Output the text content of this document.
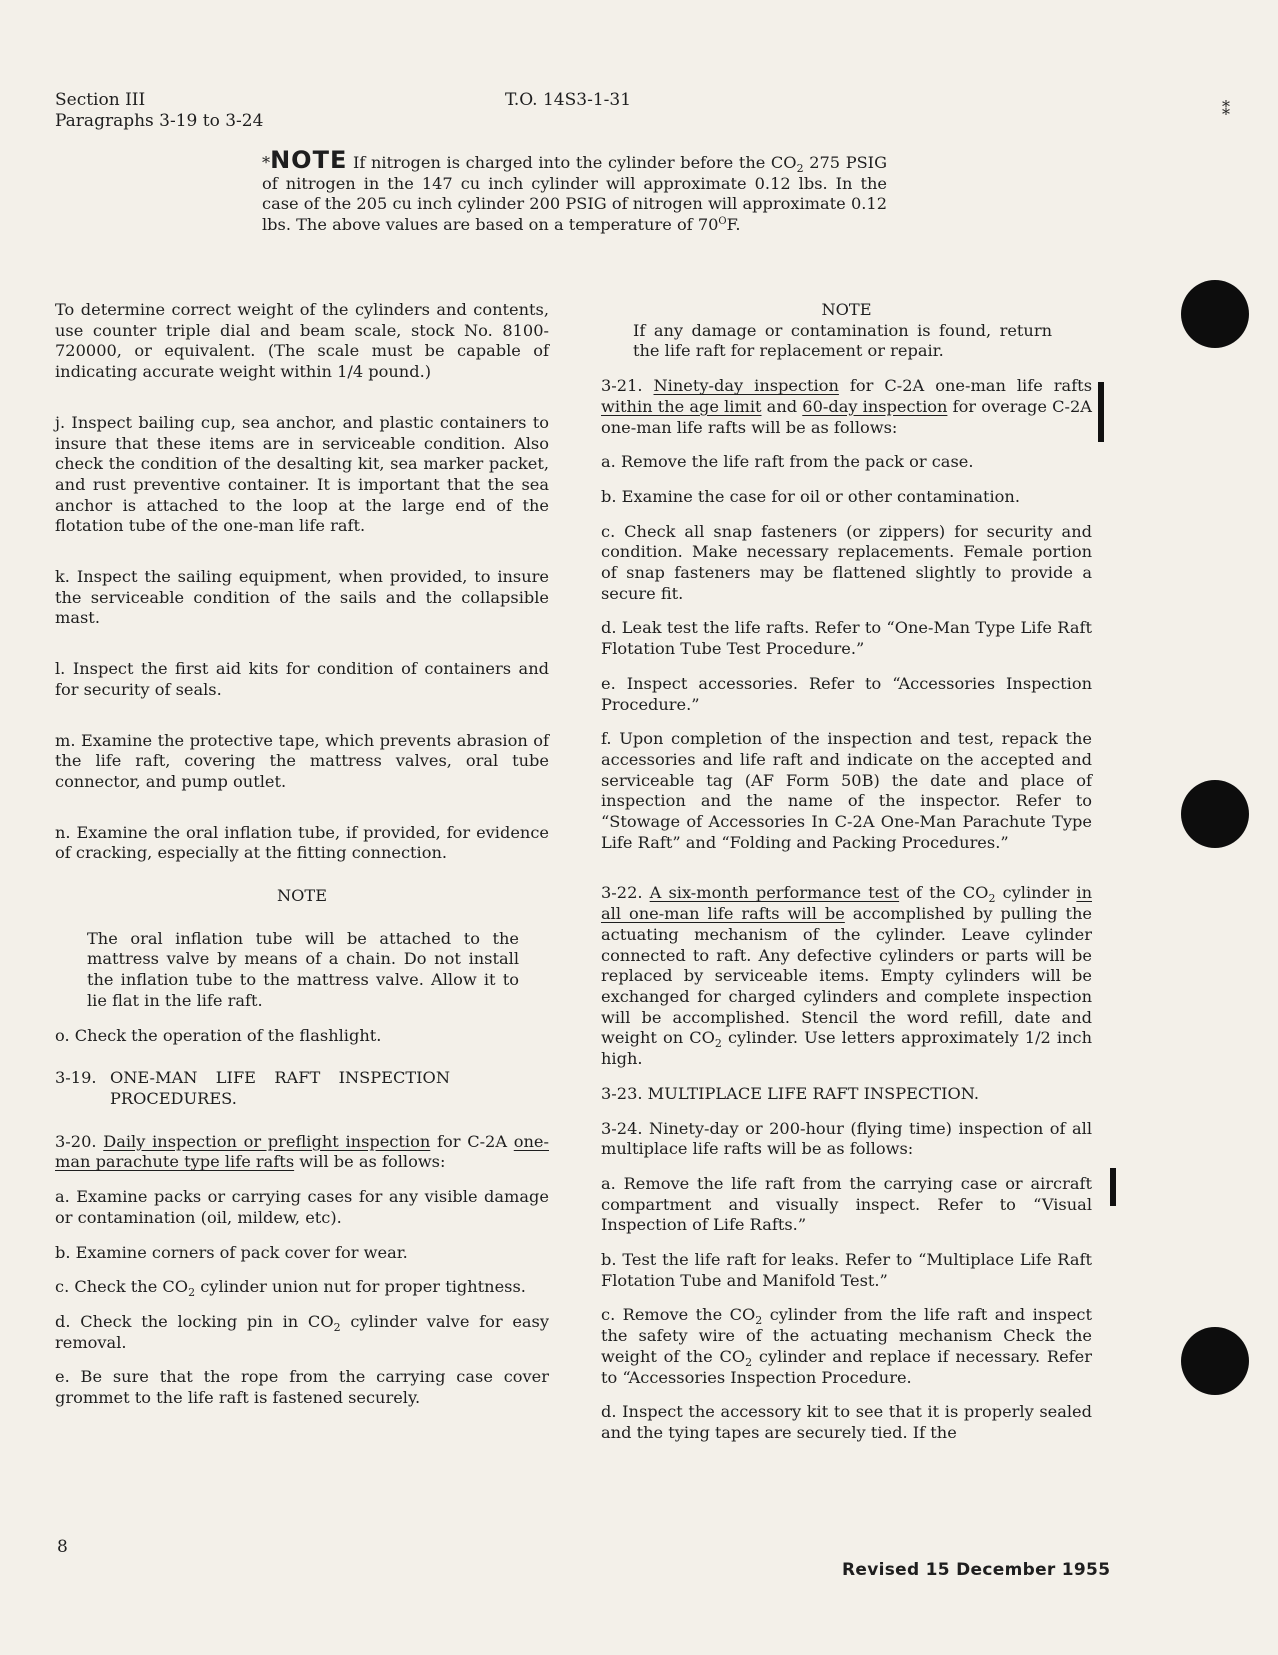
Section III
Paragraphs 3-19 to 3-24
T.O. 14S3-1-31	⁑
*NOTE If nitrogen is charged into the cylinder before the $CO_2$ 275 PSIG of nitrogen in the 147 cu inch cylinder will approximate 0.12 lbs. In the case of the 205 cu inch cylinder 200 PSIG of nitrogen will approximate 0.12 lbs. The above values are based on a temperature of $70^OF$.

To determine correct weight of the cylinders and contents, use counter triple dial and beam scale, stock No. 8100-720000, or equivalent. (The scale must be capable of indicating accurate weight within 1/4 pound.)

j. Inspect bailing cup, sea anchor, and plastic containers to insure that these items are in serviceable condition. Also check the condition of the desalting kit, sea marker packet, and rust preventive container. It is important that the sea anchor is attached to the loop at the large end of the flotation tube of the one-man life raft.

k. Inspect the sailing equipment, when provided, to insure the serviceable condition of the sails and the collapsible mast.

l. Inspect the first aid kits for condition of containers and for security of seals.

m. Examine the protective tape, which prevents abrasion of the life raft, covering the mattress valves, oral tube connector, and pump outlet.

n. Examine the oral inflation tube, if provided, for evidence of cracking, especially at the fitting connection.

NOTE

The oral inflation tube will be attached to the mattress valve by means of a chain. Do not install the inflation tube to the mattress valve. Allow it to lie flat in the life raft.

o. Check the operation of the flashlight.

3-19. ONE-MAN LIFE RAFT INSPECTION PROCEDURES.

3-20. Daily inspection or preflight inspection for C-2A one-man parachute type life rafts will be as follows:

a. Examine packs or carrying cases for any visible damage or contamination (oil, mildew, etc).

b. Examine corners of pack cover for wear.

c. Check the $CO_2$ cylinder union nut for proper tightness.

d. Check the locking pin in $CO_2$ cylinder valve for easy removal.

e. Be sure that the rope from the carrying case cover grommet to the life raft is fastened securely.

NOTE

If any damage or contamination is found, return the life raft for replacement or repair.

3-21. Ninety-day inspection for C-2A one-man life rafts within the age limit and 60-day inspection for overage C-2A one-man life rafts will be as follows:

a. Remove the life raft from the pack or case.

b. Examine the case for oil or other contamination.

c. Check all snap fasteners (or zippers) for security and condition. Make necessary replacements. Female portion of snap fasteners may be flattened slightly to provide a secure fit.

d. Leak test the life rafts. Refer to “One-Man Type Life Raft Flotation Tube Test Procedure.”

e. Inspect accessories. Refer to “Accessories Inspection Procedure.”

f. Upon completion of the inspection and test, repack the accessories and life raft and indicate on the accepted and serviceable tag (AF Form 50B) the date and place of inspection and the name of the inspector. Refer to “Stowage of Accessories In C-2A One-Man Parachute Type Life Raft” and “Folding and Packing Procedures.”

3-22. A six-month performance test of the $CO_2$ cylinder in all one-man life rafts will be accomplished by pulling the actuating mechanism of the cylinder. Leave cylinder connected to raft. Any defective cylinders or parts will be replaced by serviceable items. Empty cylinders will be exchanged for charged cylinders and complete inspection will be accomplished. Stencil the word refill, date and weight on $CO_2$ cylinder. Use letters approximately 1/2 inch high.

3-23. MULTIPLACE LIFE RAFT INSPECTION.

3-24. Ninety-day or 200-hour (flying time) inspection of all multiplace life rafts will be as follows:

a. Remove the life raft from the carrying case or aircraft compartment and visually inspect. Refer to “Visual Inspection of Life Rafts.”

b. Test the life raft for leaks. Refer to “Multiplace Life Raft Flotation Tube and Manifold Test.”

c. Remove the $CO_2$ cylinder from the life raft and inspect the safety wire of the actuating mechanism Check the weight of the $CO_2$ cylinder and replace if necessary. Refer to “Accessories Inspection Procedure.

d. Inspect the accessory kit to see that it is properly sealed and the tying tapes are securely tied. If the

8
Revised 15 December 1955
